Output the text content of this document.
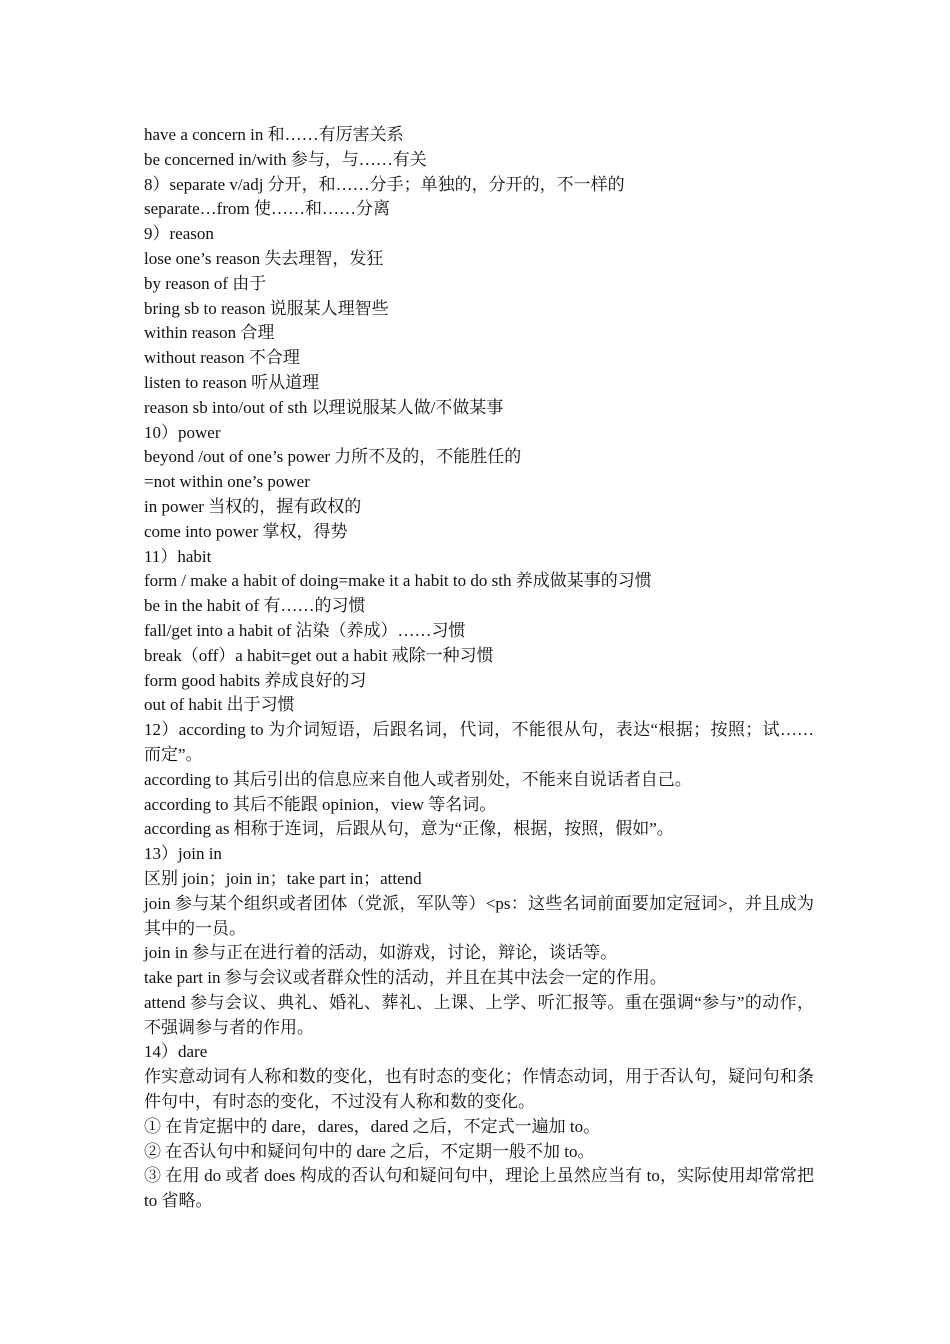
have a concern in 和……有厉害关系

be concerned in/with 参与，与……有关

8）separate v/adj 分开，和……分手；单独的，分开的，不一样的

separate…from 使……和……分离

9）reason

lose one’s reason 失去理智，发狂

by reason of 由于

bring sb to reason 说服某人理智些

within reason 合理

without reason 不合理

listen to reason 听从道理

reason sb into/out of sth 以理说服某人做/不做某事

10）power

beyond /out of one’s power 力所不及的，不能胜任的

=not within one’s power

in power 当权的，握有政权的

come into power 掌权，得势

11）habit

form / make a habit of doing=make it a habit to do sth 养成做某事的习惯

be in the habit of 有……的习惯

fall/get into a habit of 沾染（养成）……习惯

break（off）a habit=get out a habit 戒除一种习惯

form good habits 养成良好的习

out of habit 出于习惯

12）according to 为介词短语，后跟名词，代词，不能很从句，表达“根据；按照；试……而定”。

according to 其后引出的信息应来自他人或者别处，不能来自说话者自己。

according to 其后不能跟 opinion，view 等名词。

according as 相称于连词，后跟从句，意为“正像，根据，按照，假如”。

13）join in

区别 join；join in；take part in；attend

join 参与某个组织或者团体（党派，军队等）<ps：这些名词前面要加定冠词>，并且成为其中的一员。

join in 参与正在进行着的活动，如游戏，讨论，辩论，谈话等。

take part in 参与会议或者群众性的活动，并且在其中法会一定的作用。

attend 参与会议、典礼、婚礼、葬礼、上课、上学、听汇报等。重在强调“参与”的动作，不强调参与者的作用。

14）dare

作实意动词有人称和数的变化，也有时态的变化；作情态动词，用于否认句，疑问句和条件句中，有时态的变化，不过没有人称和数的变化。

① 在肯定据中的 dare，dares，dared 之后，不定式一遍加 to。

② 在否认句中和疑问句中的 dare 之后，不定期一般不加 to。

③ 在用 do 或者 does 构成的否认句和疑问句中，理论上虽然应当有 to，实际使用却常常把 to 省略。
